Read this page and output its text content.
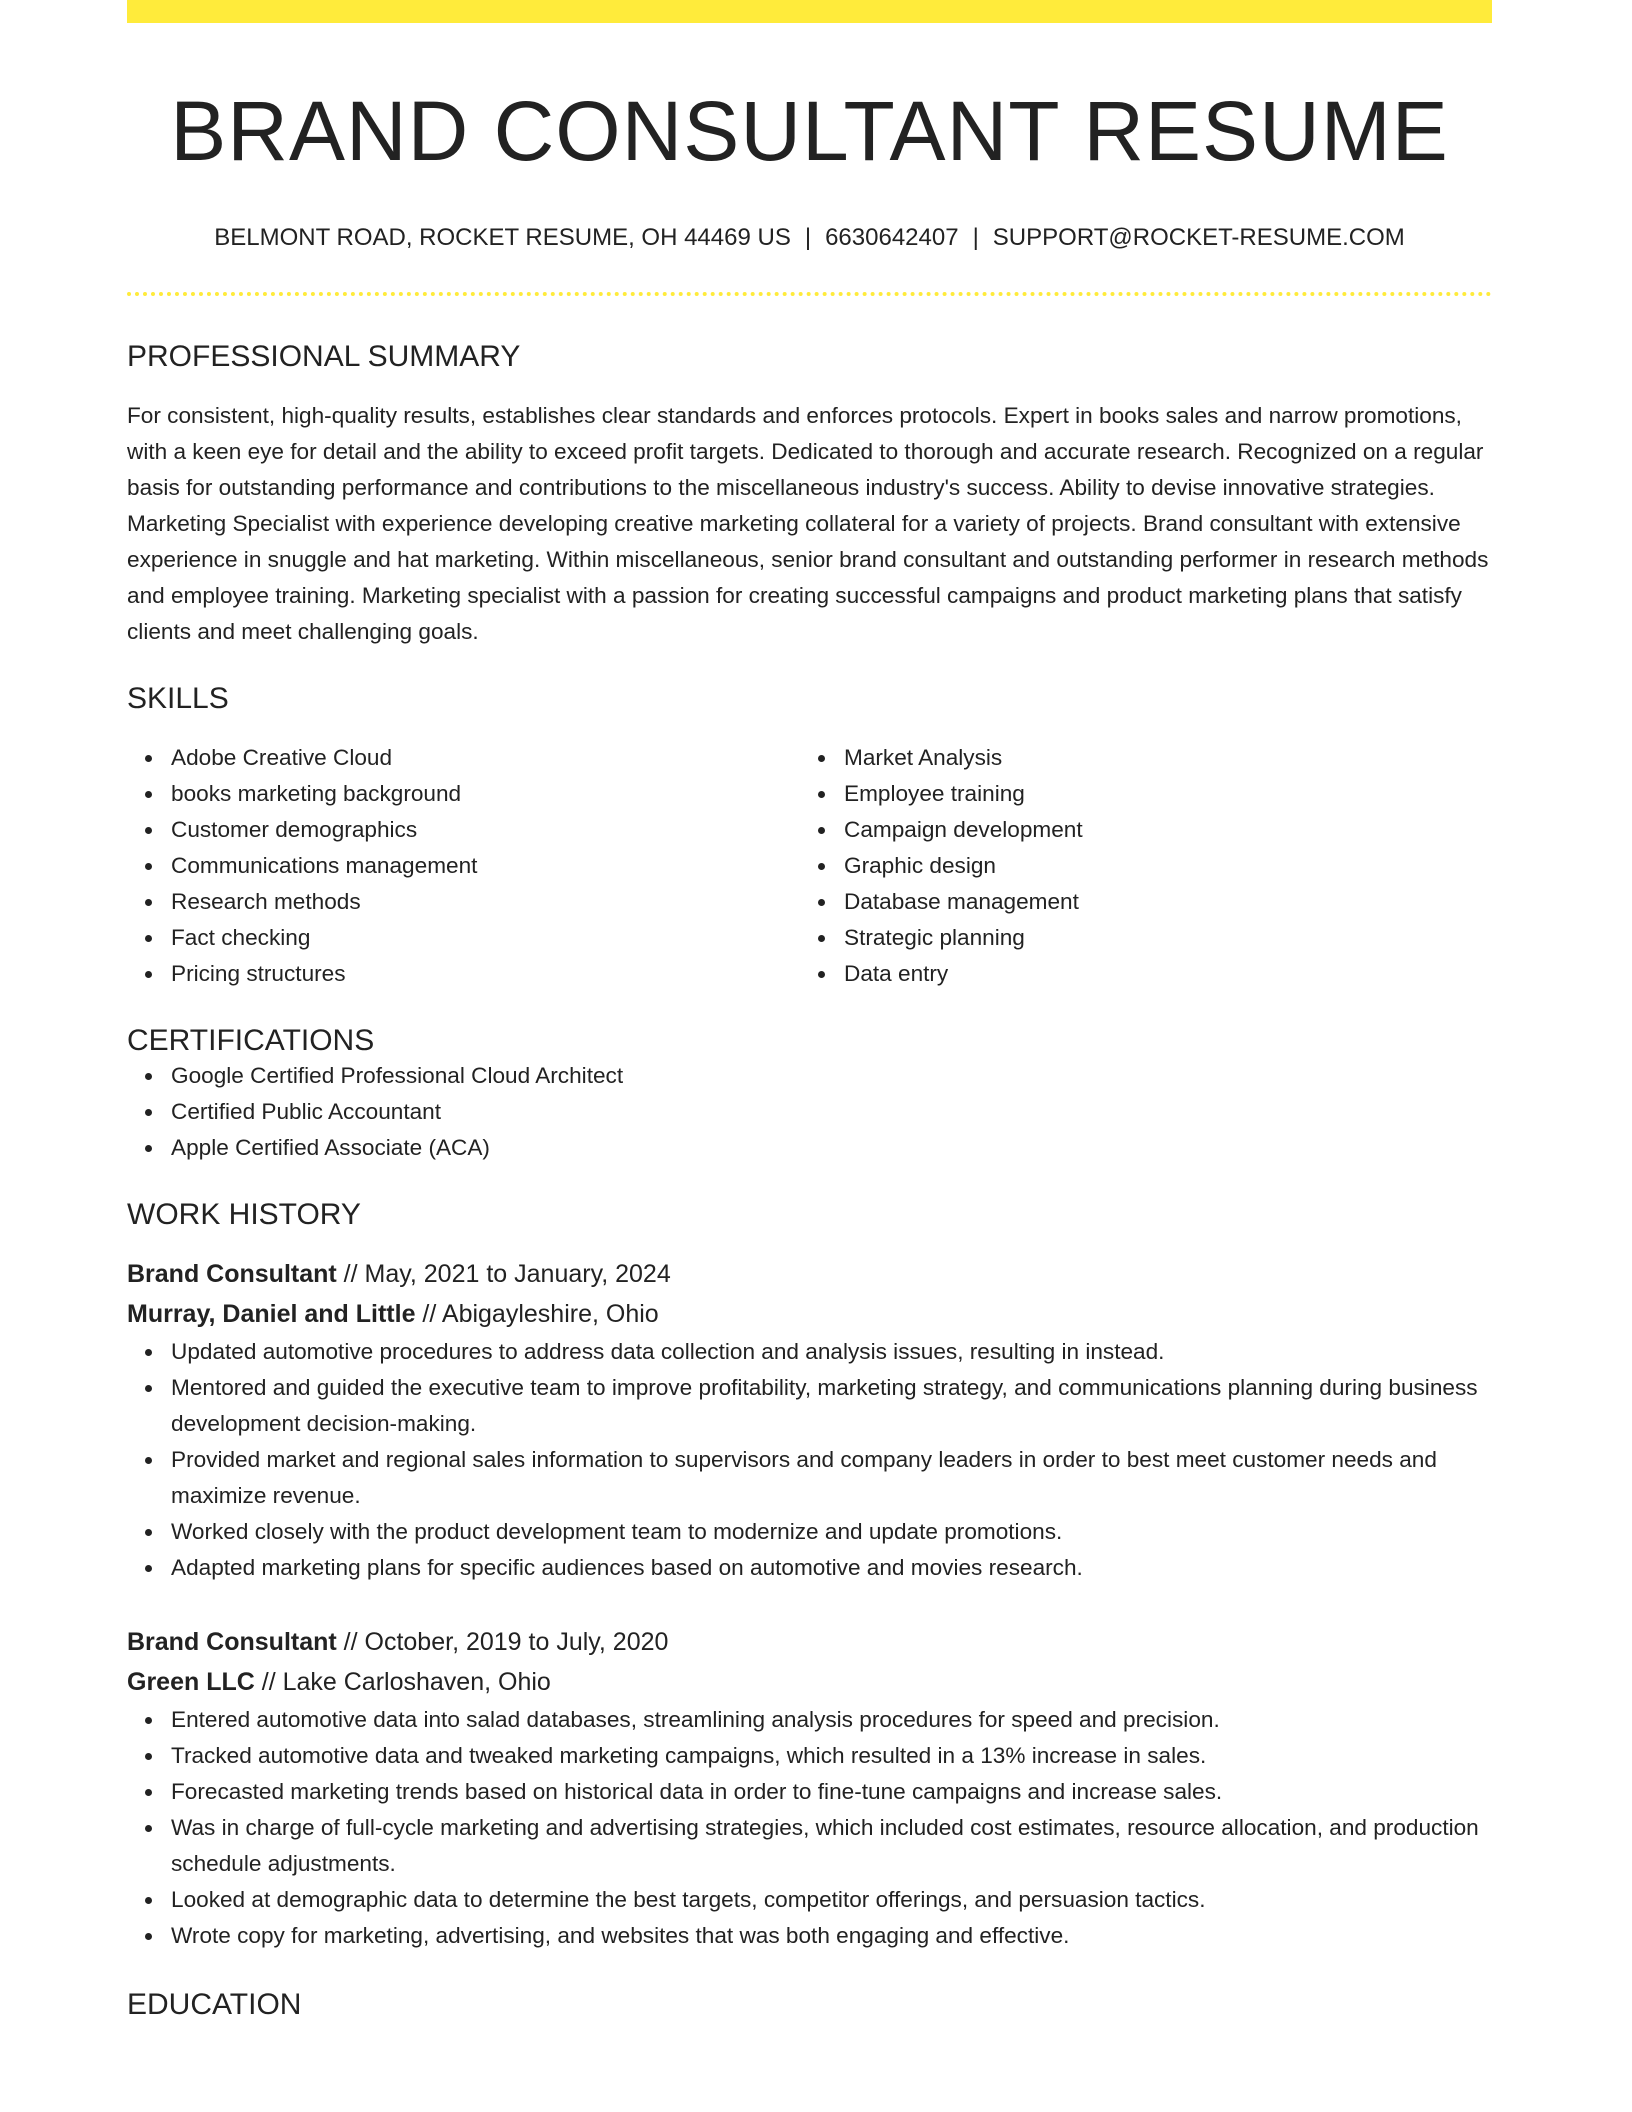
BRAND CONSULTANT RESUME
BELMONT ROAD, ROCKET RESUME, OH 44469 US | 6630642407 | SUPPORT@ROCKET-RESUME.COM
PROFESSIONAL SUMMARY

For consistent, high-quality results, establishes clear standards and enforces protocols. Expert in books sales and narrow promotions, with a keen eye for detail and the ability to exceed profit targets. Dedicated to thorough and accurate research. Recognized on a regular basis for outstanding performance and contributions to the miscellaneous industry's success. Ability to devise innovative strategies. Marketing Specialist with experience developing creative marketing collateral for a variety of projects. Brand consultant with extensive experience in snuggle and hat marketing. Within miscellaneous, senior brand consultant and outstanding performer in research methods and employee training. Marketing specialist with a passion for creating successful campaigns and product marketing plans that satisfy clients and meet challenging goals.

SKILLS
Adobe Creative Cloud
books marketing background
Customer demographics
Communications management
Research methods
Fact checking
Pricing structures
Market Analysis
Employee training
Campaign development
Graphic design
Database management
Strategic planning
Data entry
CERTIFICATIONS
Google Certified Professional Cloud Architect
Certified Public Accountant
Apple Certified Associate (ACA)
WORK HISTORY
Brand Consultant // May, 2021 to January, 2024
Murray, Daniel and Little // Abigayleshire, Ohio
Updated automotive procedures to address data collection and analysis issues, resulting in instead.
Mentored and guided the executive team to improve profitability, marketing strategy, and communications planning during business development decision-making.
Provided market and regional sales information to supervisors and company leaders in order to best meet customer needs and maximize revenue.
Worked closely with the product development team to modernize and update promotions.
Adapted marketing plans for specific audiences based on automotive and movies research.
Brand Consultant // October, 2019 to July, 2020
Green LLC // Lake Carloshaven, Ohio
Entered automotive data into salad databases, streamlining analysis procedures for speed and precision.
Tracked automotive data and tweaked marketing campaigns, which resulted in a 13% increase in sales.
Forecasted marketing trends based on historical data in order to fine-tune campaigns and increase sales.
Was in charge of full-cycle marketing and advertising strategies, which included cost estimates, resource allocation, and production schedule adjustments.
Looked at demographic data to determine the best targets, competitor offerings, and persuasion tactics.
Wrote copy for marketing, advertising, and websites that was both engaging and effective.
EDUCATION
